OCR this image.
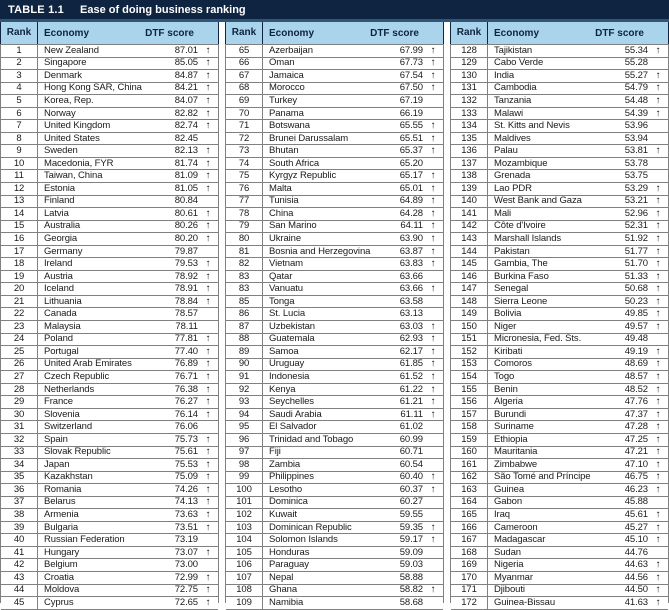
TABLE 1.1 Ease of doing business ranking
Rank	Economy	DTF score
1	New Zealand	87.01 ↑
2	Singapore	85.05 ↑
3	Denmark	84.87 ↑
4	Hong Kong SAR, China	84.21 ↑
5	Korea, Rep.	84.07 ↑
6	Norway	82.82 ↑
7	United Kingdom	82.74 ↑
8	United States	82.45
9	Sweden	82.13 ↑
10	Macedonia, FYR	81.74 ↑
11	Taiwan, China	81.09 ↑
12	Estonia	81.05 ↑
13	Finland	80.84
14	Latvia	80.61 ↑
15	Australia	80.26 ↑
16	Georgia	80.20 ↑
17	Germany	79.87
18	Ireland	79.53 ↑
19	Austria	78.92 ↑
20	Iceland	78.91 ↑
21	Lithuania	78.84 ↑
22	Canada	78.57
23	Malaysia	78.11
24	Poland	77.81 ↑
25	Portugal	77.40 ↑
26	United Arab Emirates	76.89 ↑
27	Czech Republic	76.71 ↑
28	Netherlands	76.38 ↑
29	France	76.27 ↑
30	Slovenia	76.14 ↑
31	Switzerland	76.06
32	Spain	75.73 ↑
33	Slovak Republic	75.61 ↑
34	Japan	75.53 ↑
35	Kazakhstan	75.09 ↑
36	Romania	74.26 ↑
37	Belarus	74.13 ↑
38	Armenia	73.63 ↑
39	Bulgaria	73.51 ↑
40	Russian Federation	73.19
41	Hungary	73.07 ↑
42	Belgium	73.00
43	Croatia	72.99 ↑
44	Moldova	72.75 ↑
45	Cyprus	72.65 ↑
Rank	Economy	DTF score
65	Azerbaijan	67.99 ↑
66	Oman	67.73 ↑
67	Jamaica	67.54 ↑
68	Morocco	67.50 ↑
69	Turkey	67.19
70	Panama	66.19
71	Botswana	65.55 ↑
72	Brunei Darussalam	65.51 ↑
73	Bhutan	65.37 ↑
74	South Africa	65.20
75	Kyrgyz Republic	65.17 ↑
76	Malta	65.01 ↑
77	Tunisia	64.89 ↑
78	China	64.28 ↑
79	San Marino	64.11 ↑
80	Ukraine	63.90 ↑
81	Bosnia and Herzegovina	63.87 ↑
82	Vietnam	63.83 ↑
83	Qatar	63.66
83	Vanuatu	63.66 ↑
85	Tonga	63.58
86	St. Lucia	63.13
87	Uzbekistan	63.03 ↑
88	Guatemala	62.93 ↑
89	Samoa	62.17 ↑
90	Uruguay	61.85 ↑
91	Indonesia	61.52 ↑
92	Kenya	61.22 ↑
93	Seychelles	61.21 ↑
94	Saudi Arabia	61.11 ↑
95	El Salvador	61.02
96	Trinidad and Tobago	60.99
97	Fiji	60.71
98	Zambia	60.54
99	Philippines	60.40 ↑
100	Lesotho	60.37 ↑
101	Dominica	60.27
102	Kuwait	59.55
103	Dominican Republic	59.35 ↑
104	Solomon Islands	59.17 ↑
105	Honduras	59.09
106	Paraguay	59.03
107	Nepal	58.88
108	Ghana	58.82 ↑
109	Namibia	58.68
Rank	Economy	DTF score
128	Tajikistan	55.34 ↑
129	Cabo Verde	55.28
130	India	55.27 ↑
131	Cambodia	54.79 ↑
132	Tanzania	54.48 ↑
133	Malawi	54.39 ↑
134	St. Kitts and Nevis	53.96
135	Maldives	53.94
136	Palau	53.81 ↑
137	Mozambique	53.78
138	Grenada	53.75
139	Lao PDR	53.29 ↑
140	West Bank and Gaza	53.21 ↑
141	Mali	52.96 ↑
142	Côte d'Ivoire	52.31 ↑
143	Marshall Islands	51.92 ↑
144	Pakistan	51.77 ↑
145	Gambia, The	51.70 ↑
146	Burkina Faso	51.33 ↑
147	Senegal	50.68 ↑
148	Sierra Leone	50.23 ↑
149	Bolivia	49.85 ↑
150	Niger	49.57 ↑
151	Micronesia, Fed. Sts.	49.48
152	Kiribati	49.19 ↑
153	Comoros	48.69 ↑
154	Togo	48.57 ↑
155	Benin	48.52 ↑
156	Algeria	47.76 ↑
157	Burundi	47.37 ↑
158	Suriname	47.28 ↑
159	Ethiopia	47.25 ↑
160	Mauritania	47.21 ↑
161	Zimbabwe	47.10 ↑
162	São Tomé and Príncipe	46.75 ↑
163	Guinea	46.23 ↑
164	Gabon	45.88
165	Iraq	45.61 ↑
166	Cameroon	45.27 ↑
167	Madagascar	45.10 ↑
168	Sudan	44.76
169	Nigeria	44.63 ↑
170	Myanmar	44.56 ↑
171	Djibouti	44.50 ↑
172	Guinea-Bissau	41.63 ↑
